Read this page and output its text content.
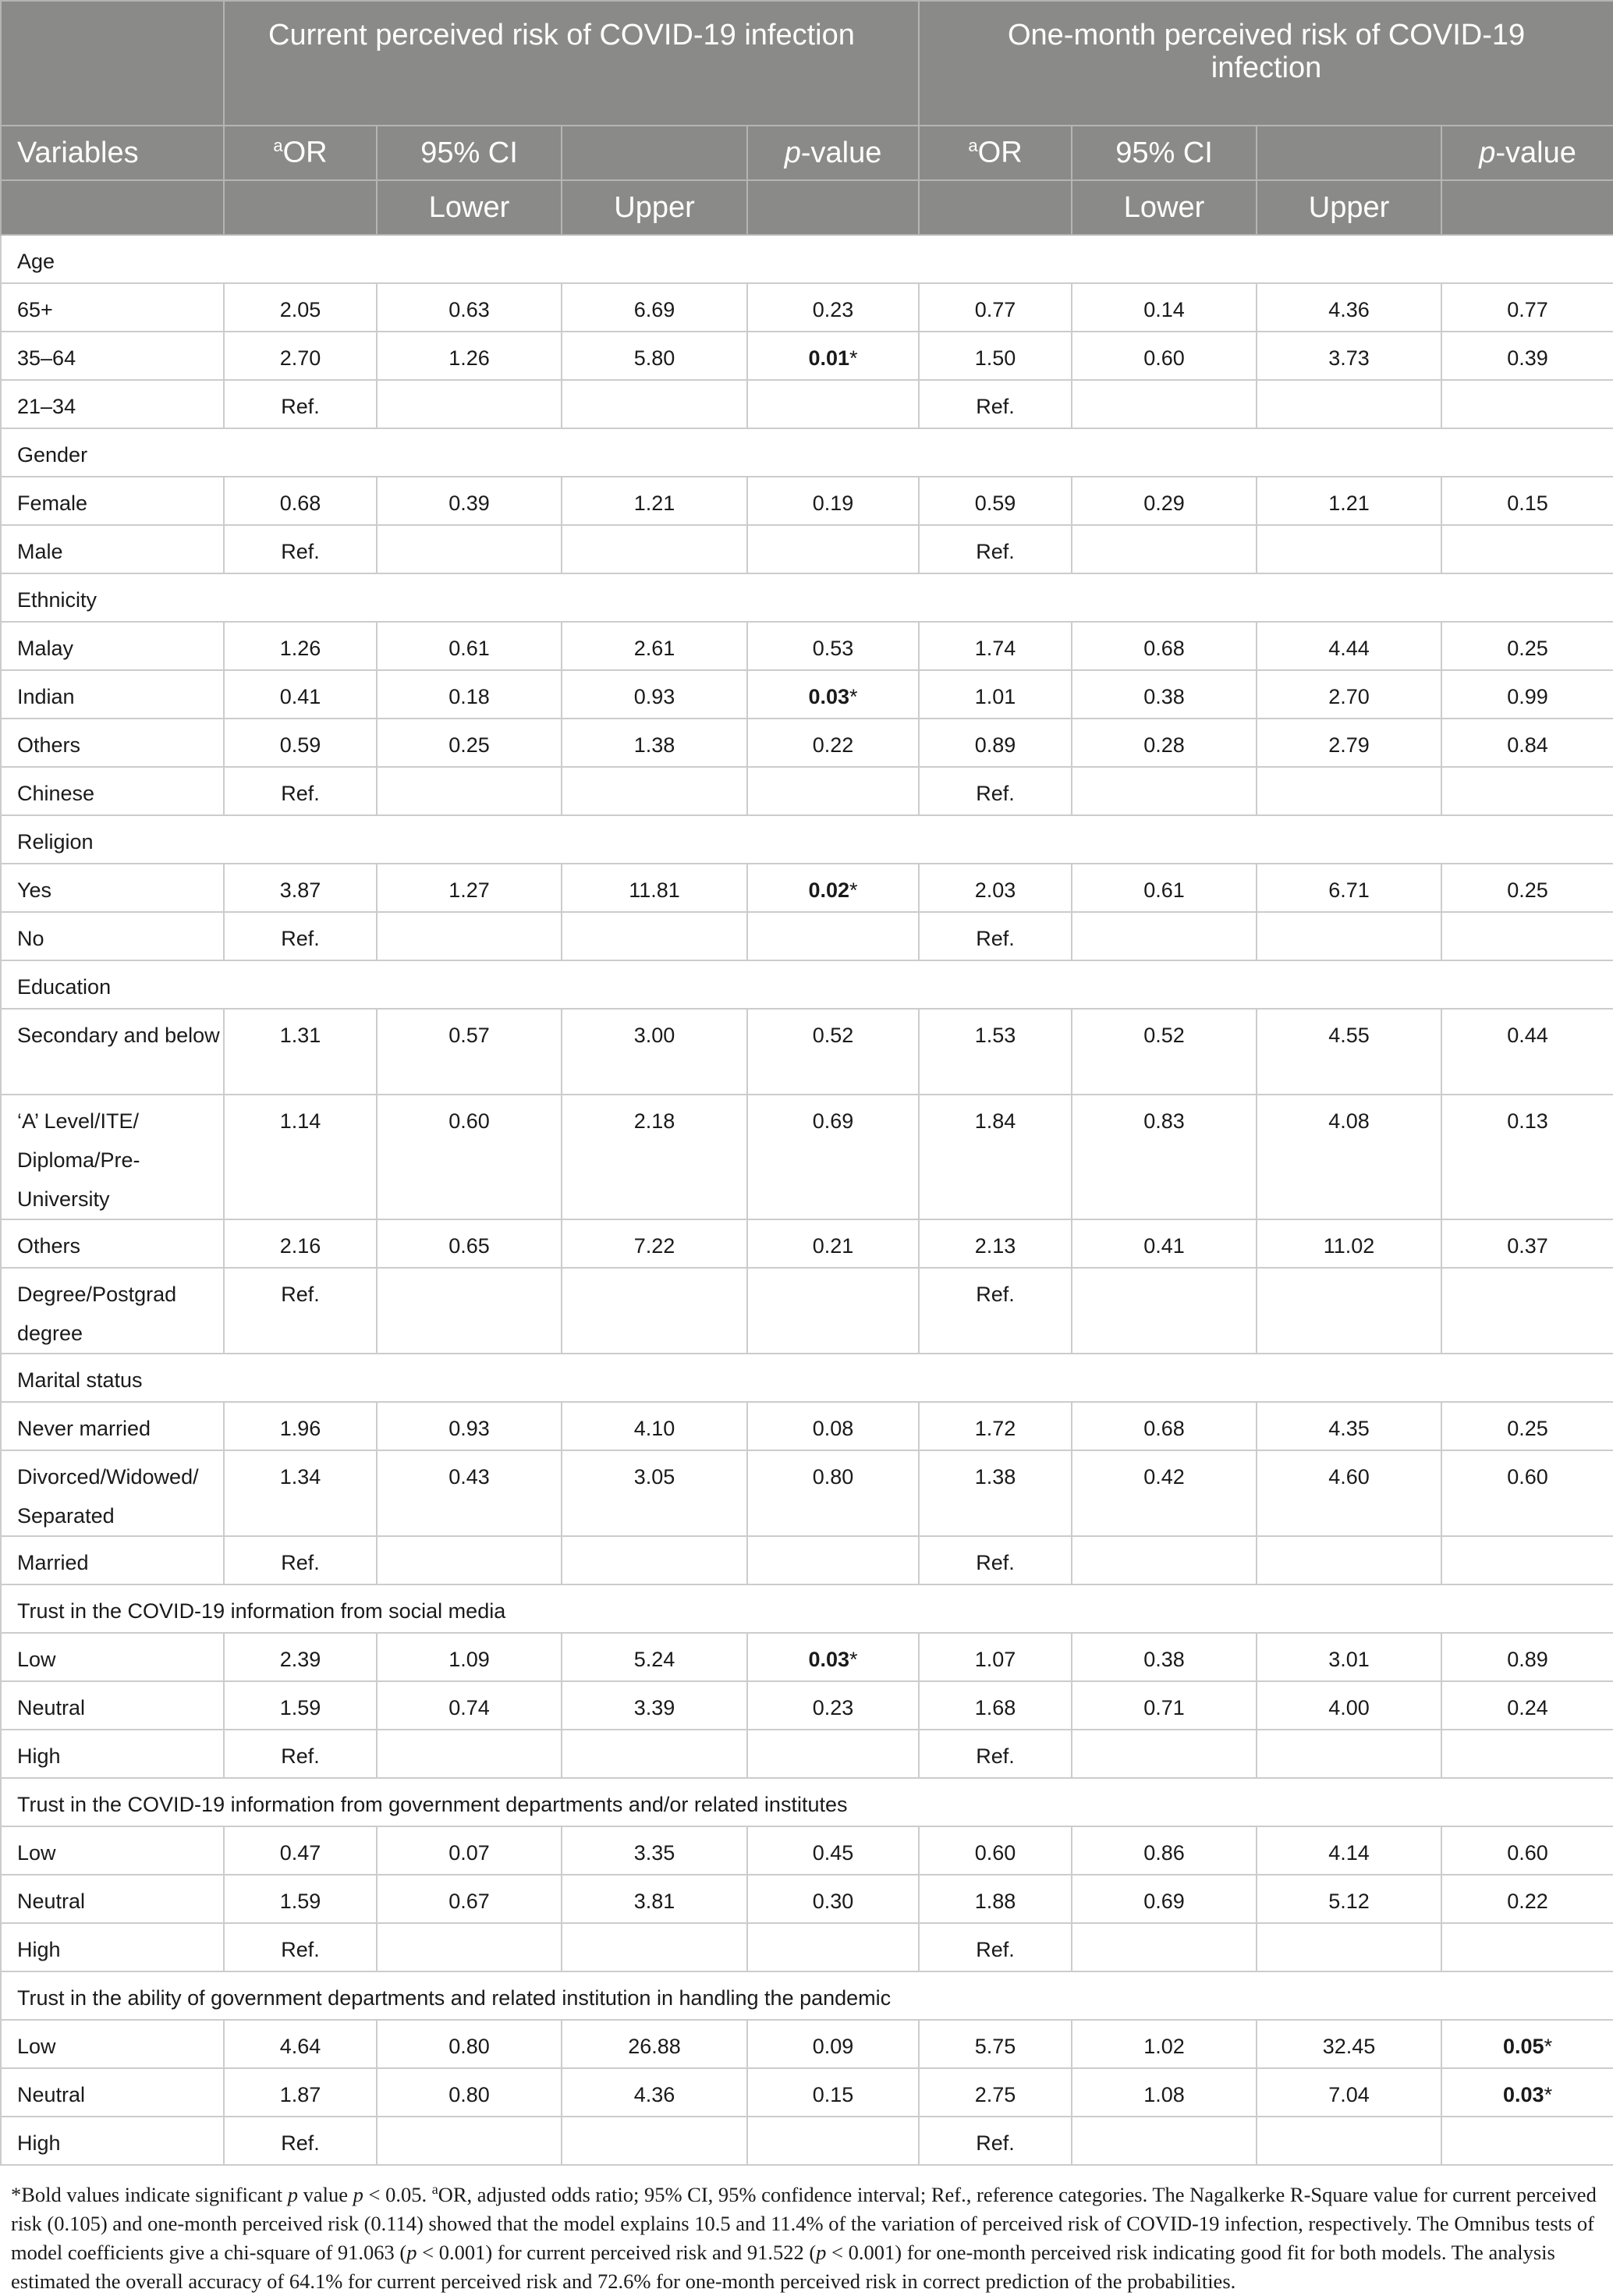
	Current perceived risk of COVID-19 infection				One-month perceived risk of COVID-19 infection			
Variables	$^a$OR	95% CI		p-value	$^a$OR	95% CI		p-value
		Lower	Upper			Lower	Upper	
Age								
65+	2.05	0.63	6.69	0.23	0.77	0.14	4.36	0.77
35–64	2.70	1.26	5.80	0.01*	1.50	0.60	3.73	0.39
21–34	Ref.				Ref.			
Gender								
Female	0.68	0.39	1.21	0.19	0.59	0.29	1.21	0.15
Male	Ref.				Ref.			
Ethnicity								
Malay	1.26	0.61	2.61	0.53	1.74	0.68	4.44	0.25
Indian	0.41	0.18	0.93	0.03*	1.01	0.38	2.70	0.99
Others	0.59	0.25	1.38	0.22	0.89	0.28	2.79	0.84
Chinese	Ref.				Ref.			
Religion								
Yes	3.87	1.27	11.81	0.02*	2.03	0.61	6.71	0.25
No	Ref.				Ref.			
Education								
Secondary and below	1.31	0.57	3.00	0.52	1.53	0.52	4.55	0.44
‘A’ Level/ITE/ Diploma/Pre-University	1.14	0.60	2.18	0.69	1.84	0.83	4.08	0.13
Others	2.16	0.65	7.22	0.21	2.13	0.41	11.02	0.37
Degree/Postgrad degree	Ref.				Ref.			
Marital status								
Never married	1.96	0.93	4.10	0.08	1.72	0.68	4.35	0.25
Divorced/Widowed/ Separated	1.34	0.43	3.05	0.80	1.38	0.42	4.60	0.60
Married	Ref.				Ref.			
Trust in the COVID-19 information from social media								
Low	2.39	1.09	5.24	0.03*	1.07	0.38	3.01	0.89
Neutral	1.59	0.74	3.39	0.23	1.68	0.71	4.00	0.24
High	Ref.				Ref.			
Trust in the COVID-19 information from government departments and/or related institutes								
Low	0.47	0.07	3.35	0.45	0.60	0.86	4.14	0.60
Neutral	1.59	0.67	3.81	0.30	1.88	0.69	5.12	0.22
High	Ref.				Ref.			
Trust in the ability of government departments and related institution in handling the pandemic								
Low	4.64	0.80	26.88	0.09	5.75	1.02	32.45	0.05*
Neutral	1.87	0.80	4.36	0.15	2.75	1.08	7.04	0.03*
High	Ref.				Ref.			
*Bold values indicate significant p value p < 0.05. $^a$OR, adjusted odds ratio; 95% CI, 95% confidence interval; Ref., reference categories. The Nagalkerke R-Square value for current perceived risk (0.105) and one-month perceived risk (0.114) showed that the model explains 10.5 and 11.4% of the variation of perceived risk of COVID-19 infection, respectively. The Omnibus tests of model coefficients give a chi-square of 91.063 (p < 0.001) for current perceived risk and 91.522 (p < 0.001) for one-month perceived risk indicating good fit for both models. The analysis estimated the overall accuracy of 64.1% for current perceived risk and 72.6% for one-month perceived risk in correct prediction of the probabilities.
